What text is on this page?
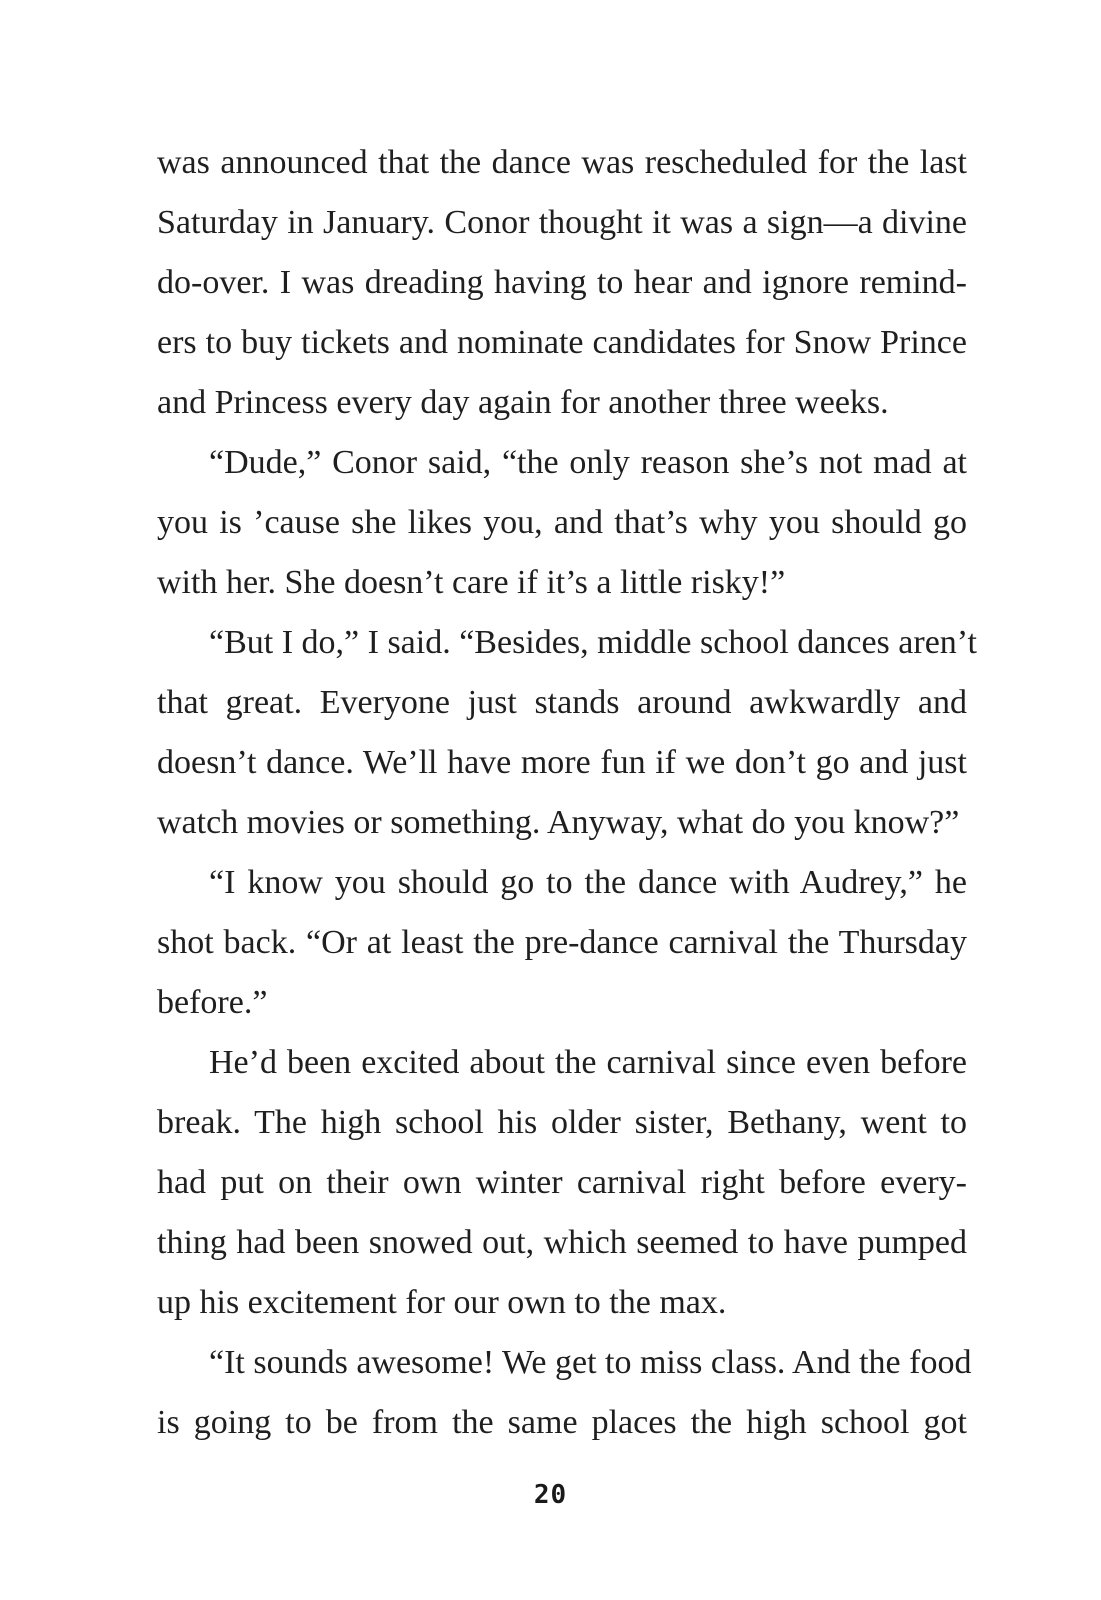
was announced that the dance was rescheduled for the last
Saturday in January. Conor thought it was a sign—a divine
do-over. I was dreading having to hear and ignore remind-
ers to buy tickets and nominate candidates for Snow Prince
and Princess every day again for another three weeks.
“Dude,” Conor said, “the only reason she’s not mad at
you is ’cause she likes you, and that’s why you should go
with her. She doesn’t care if it’s a little risky!”
“But I do,” I said. “Besides, middle school dances aren’t
that great. Everyone just stands around awkwardly and
doesn’t dance. We’ll have more fun if we don’t go and just
watch movies or something. Anyway, what do you know?”
“I know you should go to the dance with Audrey,” he
shot back. “Or at least the pre-dance carnival the Thursday
before.”
He’d been excited about the carnival since even before
break. The high school his older sister, Bethany, went to
had put on their own winter carnival right before every-
thing had been snowed out, which seemed to have pumped
up his excitement for our own to the max.
“It sounds awesome! We get to miss class. And the food
is going to be from the same places the high school got
20
